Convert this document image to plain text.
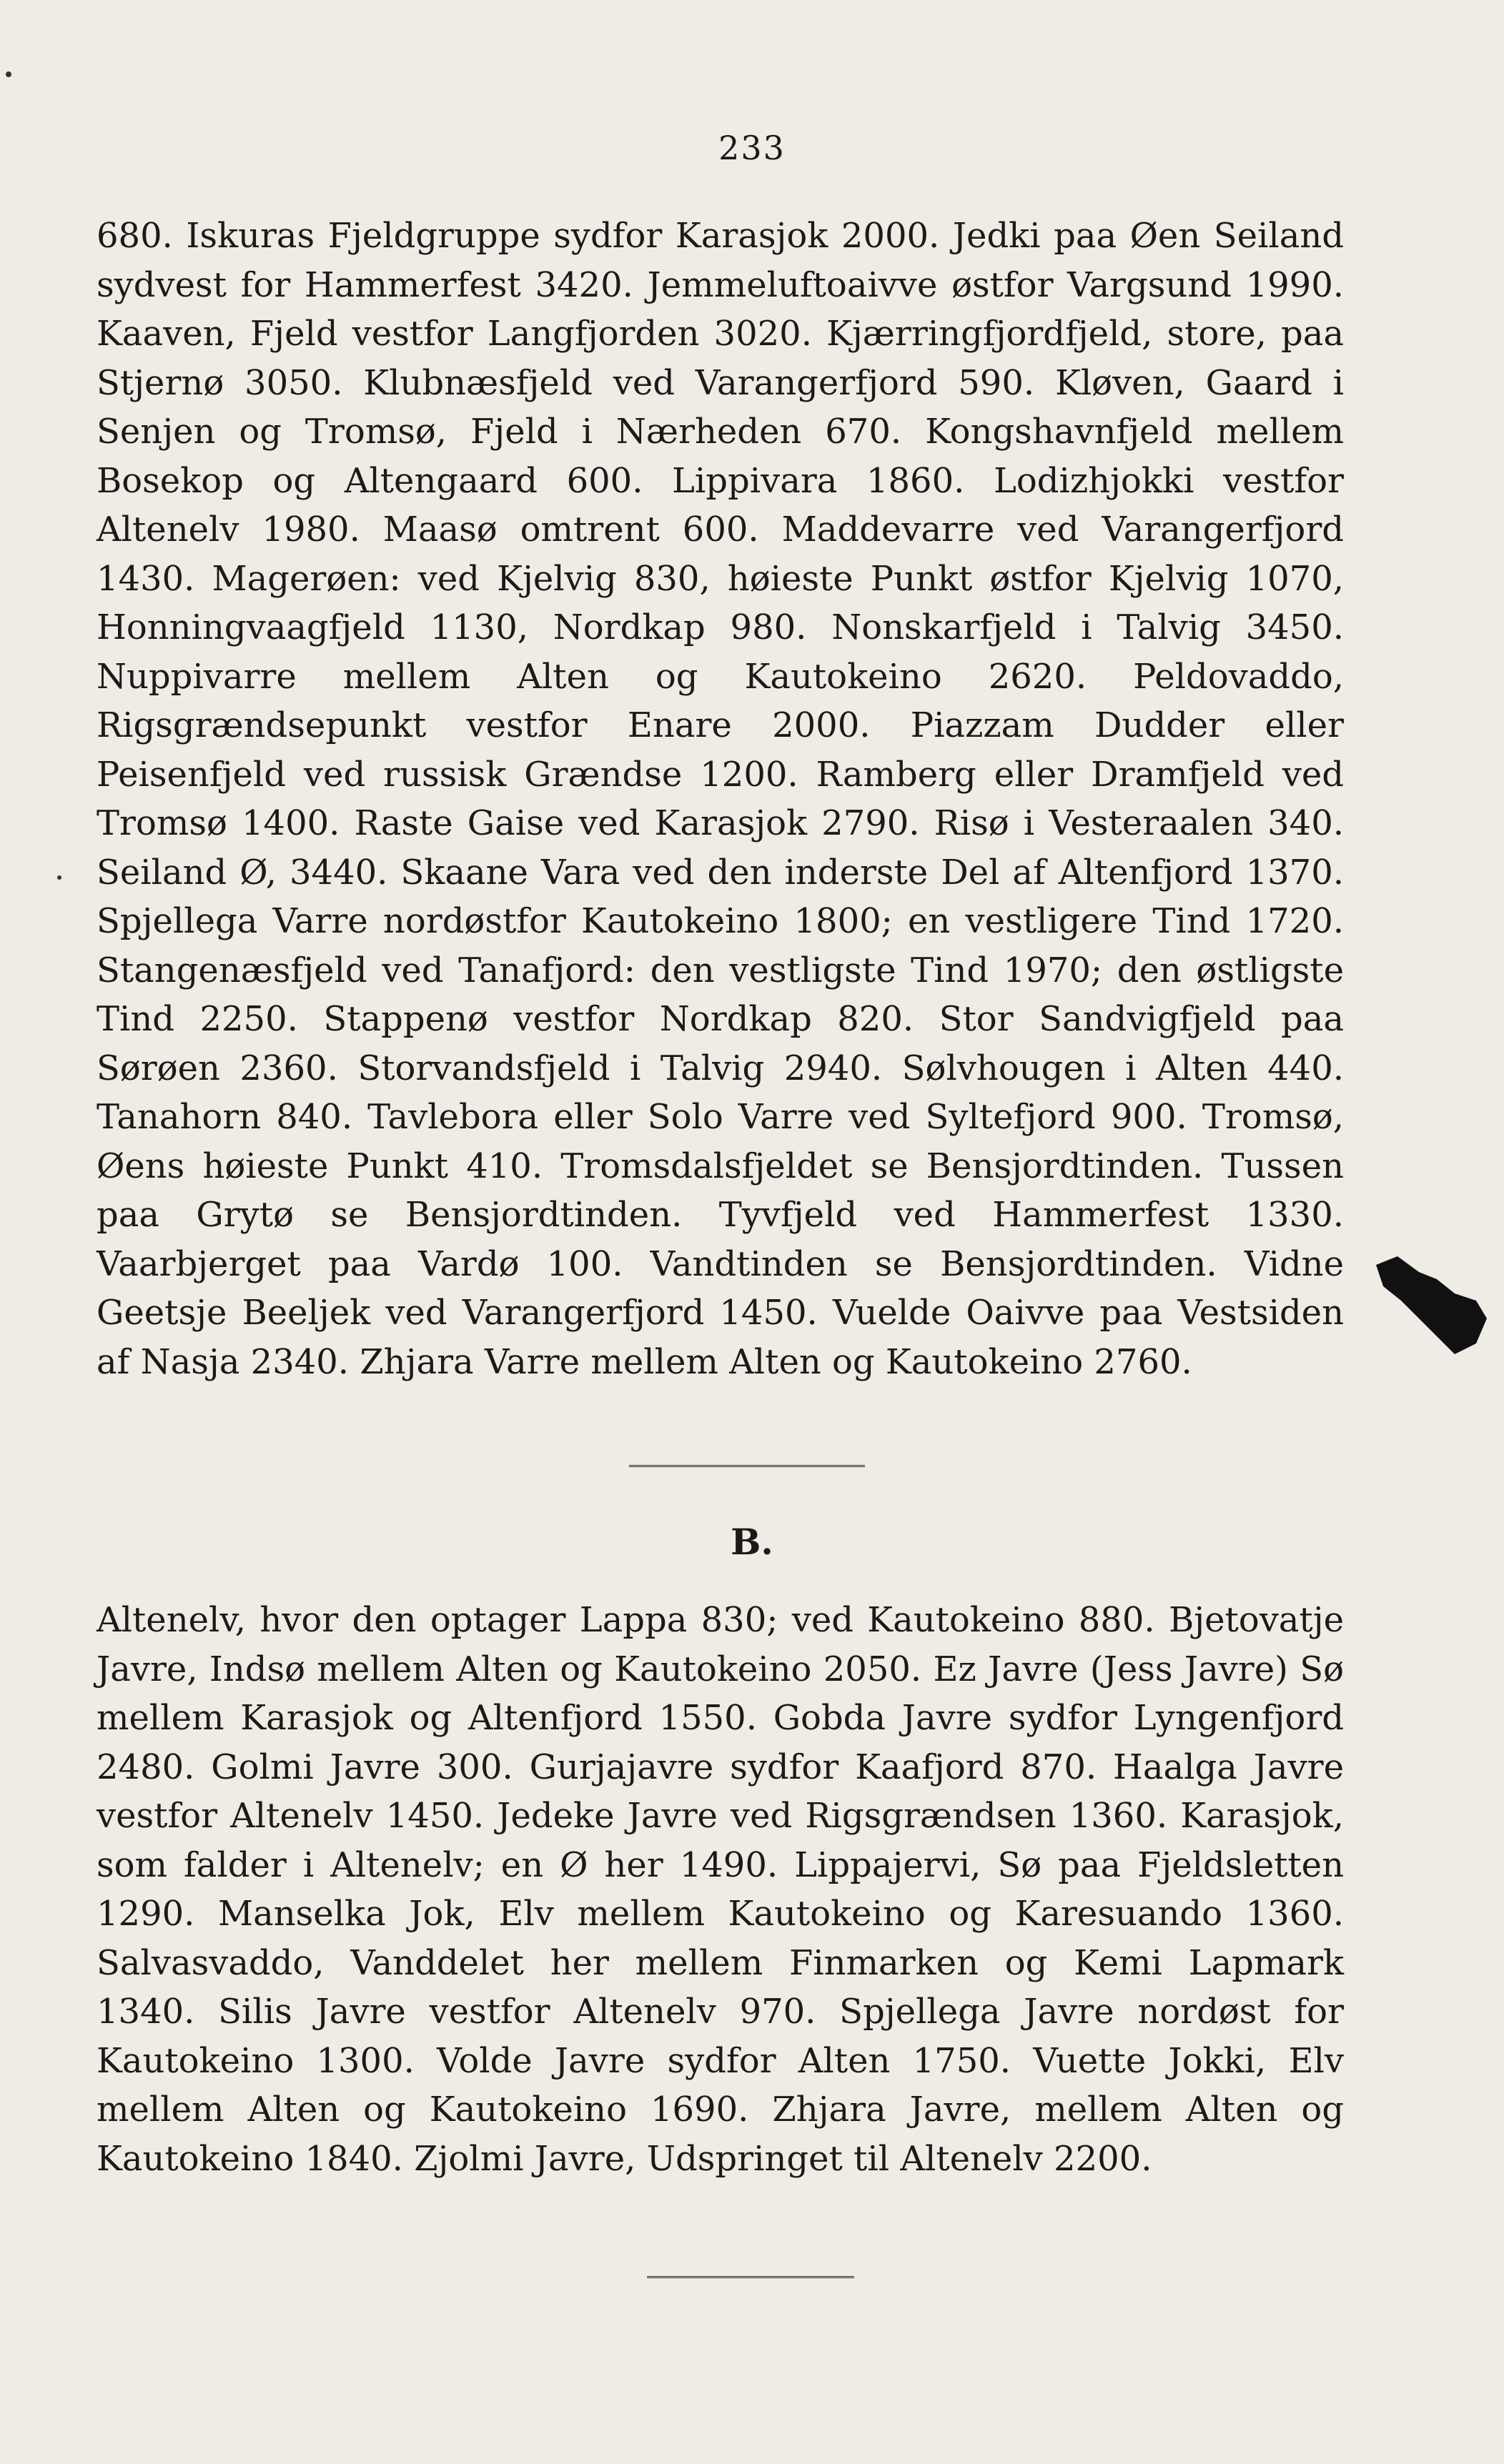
233

680. Iskuras Fjeldgruppe sydfor Karasjok 2000. Jedki paa Øen Seiland sydvest for Hammerfest 3420. Jemmeluftoaivve østfor Vargsund 1990. Kaaven, Fjeld vestfor Langfjorden 3020. Kjærringfjordfjeld, store, paa Stjernø 3050. Klubnæsfjeld ved Varangerfjord 590. Kløven, Gaard i Senjen og Tromsø, Fjeld i Nærheden 670. Kongshavnfjeld mellem Bosekop og Altengaard 600. Lippivara 1860. Lodizhjokki vestfor Altenelv 1980. Maasø omtrent 600. Maddevarre ved Varangerfjord 1430. Magerøen: ved Kjelvig 830, høieste Punkt østfor Kjelvig 1070, Honningvaagfjeld 1130, Nordkap 980. Nonskarfjeld i Talvig 3450. Nuppivarre mellem Alten og Kautokeino 2620. Peldovaddo, Rigsgrændsepunkt vestfor Enare 2000. Piazzam Dudder eller Peisenfjeld ved russisk Grændse 1200. Ramberg eller Dramfjeld ved Tromsø 1400. Raste Gaise ved Karasjok 2790. Risø i Vesteraalen 340. Seiland Ø, 3440. Skaane Vara ved den inderste Del af Altenfjord 1370. Spjellega Varre nordøstfor Kautokeino 1800; en vestligere Tind 1720. Stangenæsfjeld ved Tanafjord: den vestligste Tind 1970; den østligste Tind 2250. Stappenø vestfor Nordkap 820. Stor Sandvigfjeld paa Sørøen 2360. Storvandsfjeld i Talvig 2940. Sølvhougen i Alten 440. Tanahorn 840. Tavlebora eller Solo Varre ved Syltefjord 900. Tromsø, Øens høieste Punkt 410. Tromsdalsfjeldet se Bensjordtinden. Tussen paa Grytø se Bensjordtinden. Tyvfjeld ved Hammerfest 1330. Vaarbjerget paa Vardø 100. Vandtinden se Bensjordtinden. Vidne Geetsje Beeljek ved Varangerfjord 1450. Vuelde Oaivve paa Vestsiden af Nasja 2340. Zhjara Varre mellem Alten og Kautokeino 2760.

B.

Altenelv, hvor den optager Lappa 830; ved Kautokeino 880. Bjetovatje Javre, Indsø mellem Alten og Kautokeino 2050. Ez Javre (Jess Javre) Sø mellem Karasjok og Altenfjord 1550. Gobda Javre sydfor Lyngenfjord 2480. Golmi Javre 300. Gurjajavre sydfor Kaafjord 870. Haalga Javre vestfor Altenelv 1450. Jedeke Javre ved Rigsgrændsen 1360. Karasjok, som falder i Altenelv; en Ø her 1490. Lippajervi, Sø paa Fjeldsletten 1290. Manselka Jok, Elv mellem Kautokeino og Karesuando 1360. Salvasvaddo, Vanddelet her mellem Finmarken og Kemi Lapmark 1340. Silis Javre vestfor Altenelv 970. Spjellega Javre nordøst for Kautokeino 1300. Volde Javre sydfor Alten 1750. Vuette Jokki, Elv mellem Alten og Kautokeino 1690. Zhjara Javre, mellem Alten og Kautokeino 1840. Zjolmi Javre, Udspringet til Altenelv 2200.
